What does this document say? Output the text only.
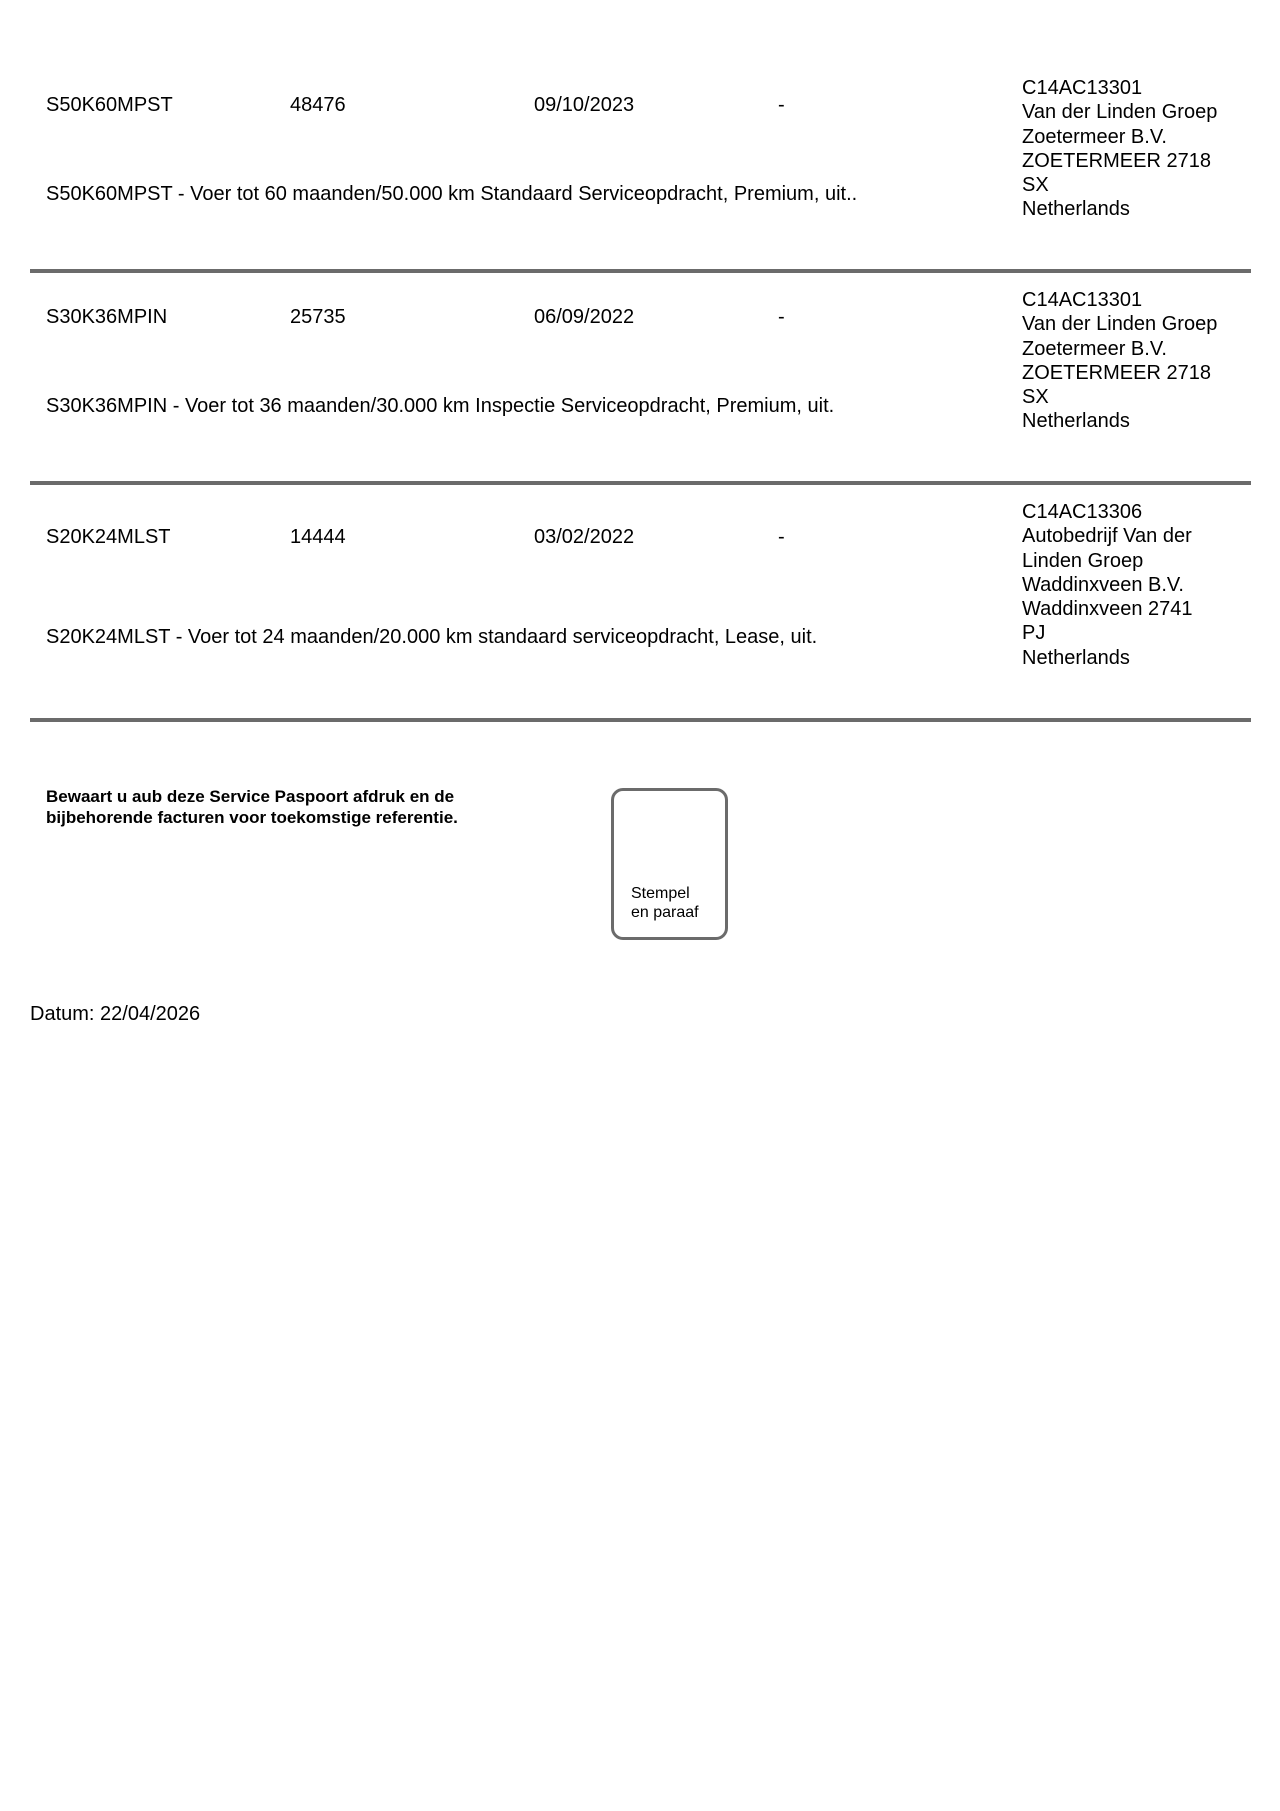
S50K60MPST	48476	09/10/2023	-
S50K60MPST - Voer tot 60 maanden/50.000 km Standaard Serviceopdracht, Premium, uit..
C14AC13301
Van der Linden Groep
Zoetermeer B.V.
ZOETERMEER 2718
SX
Netherlands
S30K36MPIN	25735	06/09/2022	-
S30K36MPIN - Voer tot 36 maanden/30.000 km Inspectie Serviceopdracht, Premium, uit.
C14AC13301
Van der Linden Groep
Zoetermeer B.V.
ZOETERMEER 2718
SX
Netherlands
S20K24MLST	14444	03/02/2022	-
S20K24MLST - Voer tot 24 maanden/20.000 km standaard serviceopdracht, Lease, uit.
C14AC13306
Autobedrijf Van der
Linden Groep
Waddinxveen B.V.
Waddinxveen 2741
PJ
Netherlands
Bewaart u aub deze Service Paspoort afdruk en de
bijbehorende facturen voor toekomstige referentie.
Stempel
en paraaf
Datum: 22/04/2026
